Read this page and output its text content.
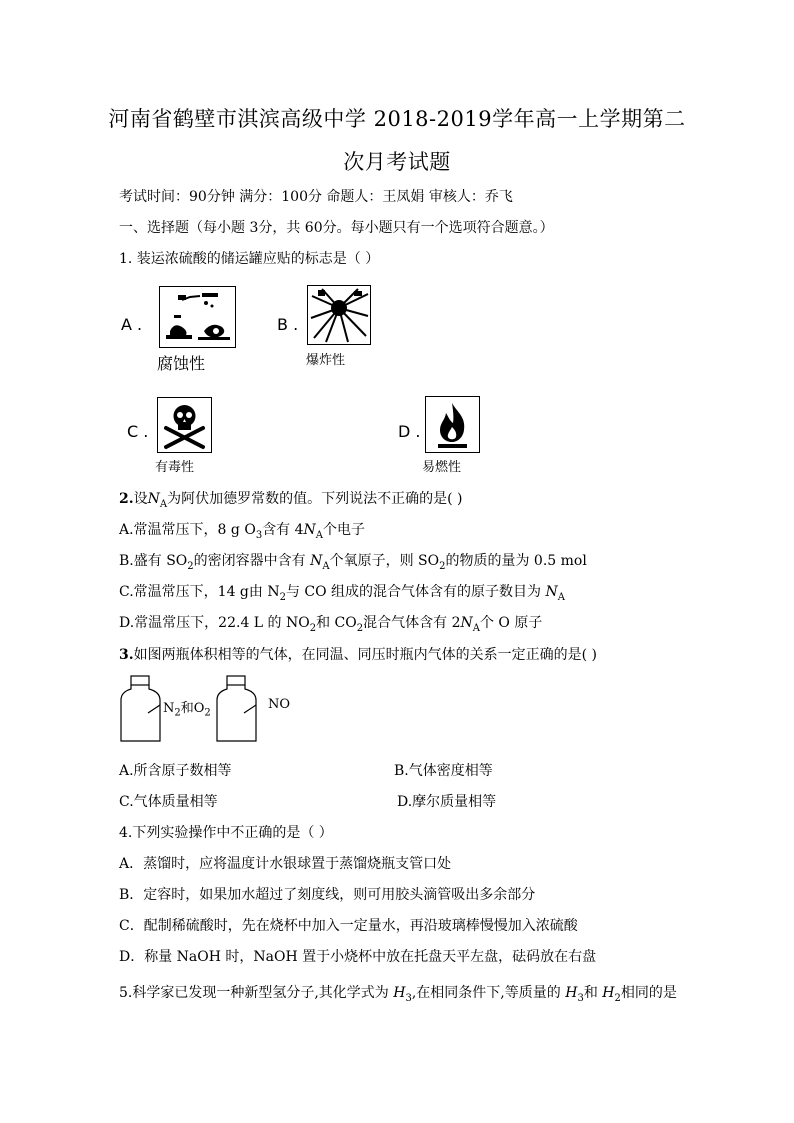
河南省鹤壁市淇滨高级中学 2018-2019学年高一上学期第二
次月考试题
考试时间：90分钟 满分：100分 命题人：王凤娟 审核人：乔飞
一、选择题（每小题 3分，共 60分。每小题只有一个选项符合题意。）
1. 装运浓硫酸的储运罐应贴的标志是（ ）
A .
腐蚀性
B .
爆炸性
C .
有毒性
D .
易燃性
2.设$N_A$为阿伏加德罗常数的值。下列说法不正确的是( )
A.常温常压下，8 g $O_3$含有 $4N_A$个电子
B.盛有 $SO_2$的密闭容器中含有 $N_A$个氧原子，则 $SO_2$的物质的量为 0.5 mol
C.常温常压下，14 g由 $N_2$与 CO 组成的混合气体含有的原子数目为 $N_A$
D.常温常压下，22.4 L 的 $NO_2$和 $CO_2$混合气体含有 $2N_A$个 O 原子
3.如图两瓶体积相等的气体，在同温、同压时瓶内气体的关系一定正确的是( )
$N_2$和$O_2$
NO
A.所含原子数相等	B.气体密度相等
C.气体质量相等	D.摩尔质量相等
4.下列实验操作中不正确的是（ ）
A．蒸馏时，应将温度计水银球置于蒸馏烧瓶支管口处
B．定容时，如果加水超过了刻度线，则可用胶头滴管吸出多余部分
C．配制稀硫酸时，先在烧杯中加入一定量水，再沿玻璃棒慢慢加入浓硫酸
D．称量 NaOH 时，NaOH 置于小烧杯中放在托盘天平左盘，砝码放在右盘
5.科学家已发现一种新型氢分子,其化学式为 $H_3$,在相同条件下,等质量的 $H_3$和 $H_2$相同的是
